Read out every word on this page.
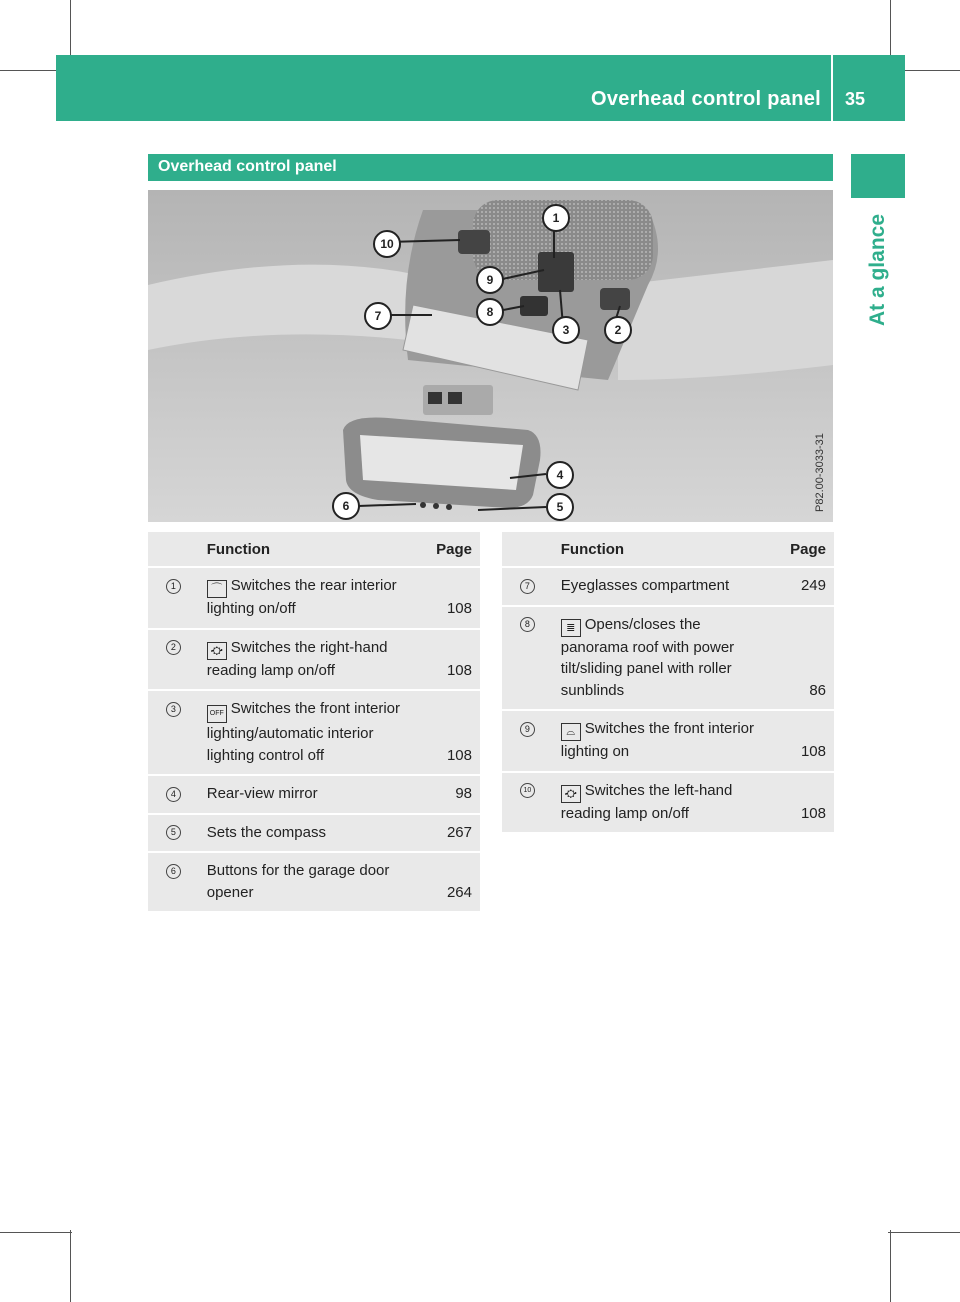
Overhead control panel 35
At a glance
Overhead control panel
10
1
9
8
7
3	2
4
5
6	P82.00-3033-31
	Function	Page
1	⌒ Switches the rear interior lighting on/off	108
2	⛮ Switches the right-hand reading lamp on/off	108
3	OFF Switches the front interior lighting/automatic interior lighting control off	108
4	Rear-view mirror	98
5	Sets the compass	267
6	Buttons for the garage door opener	264
	Function	Page
7	Eyeglasses compartment	249
8	≣ Opens/closes the panorama roof with power tilt/sliding panel with roller sunblinds	86
9	⌓ Switches the front interior lighting on	108
10	⛮ Switches the left-hand reading lamp on/off	108
